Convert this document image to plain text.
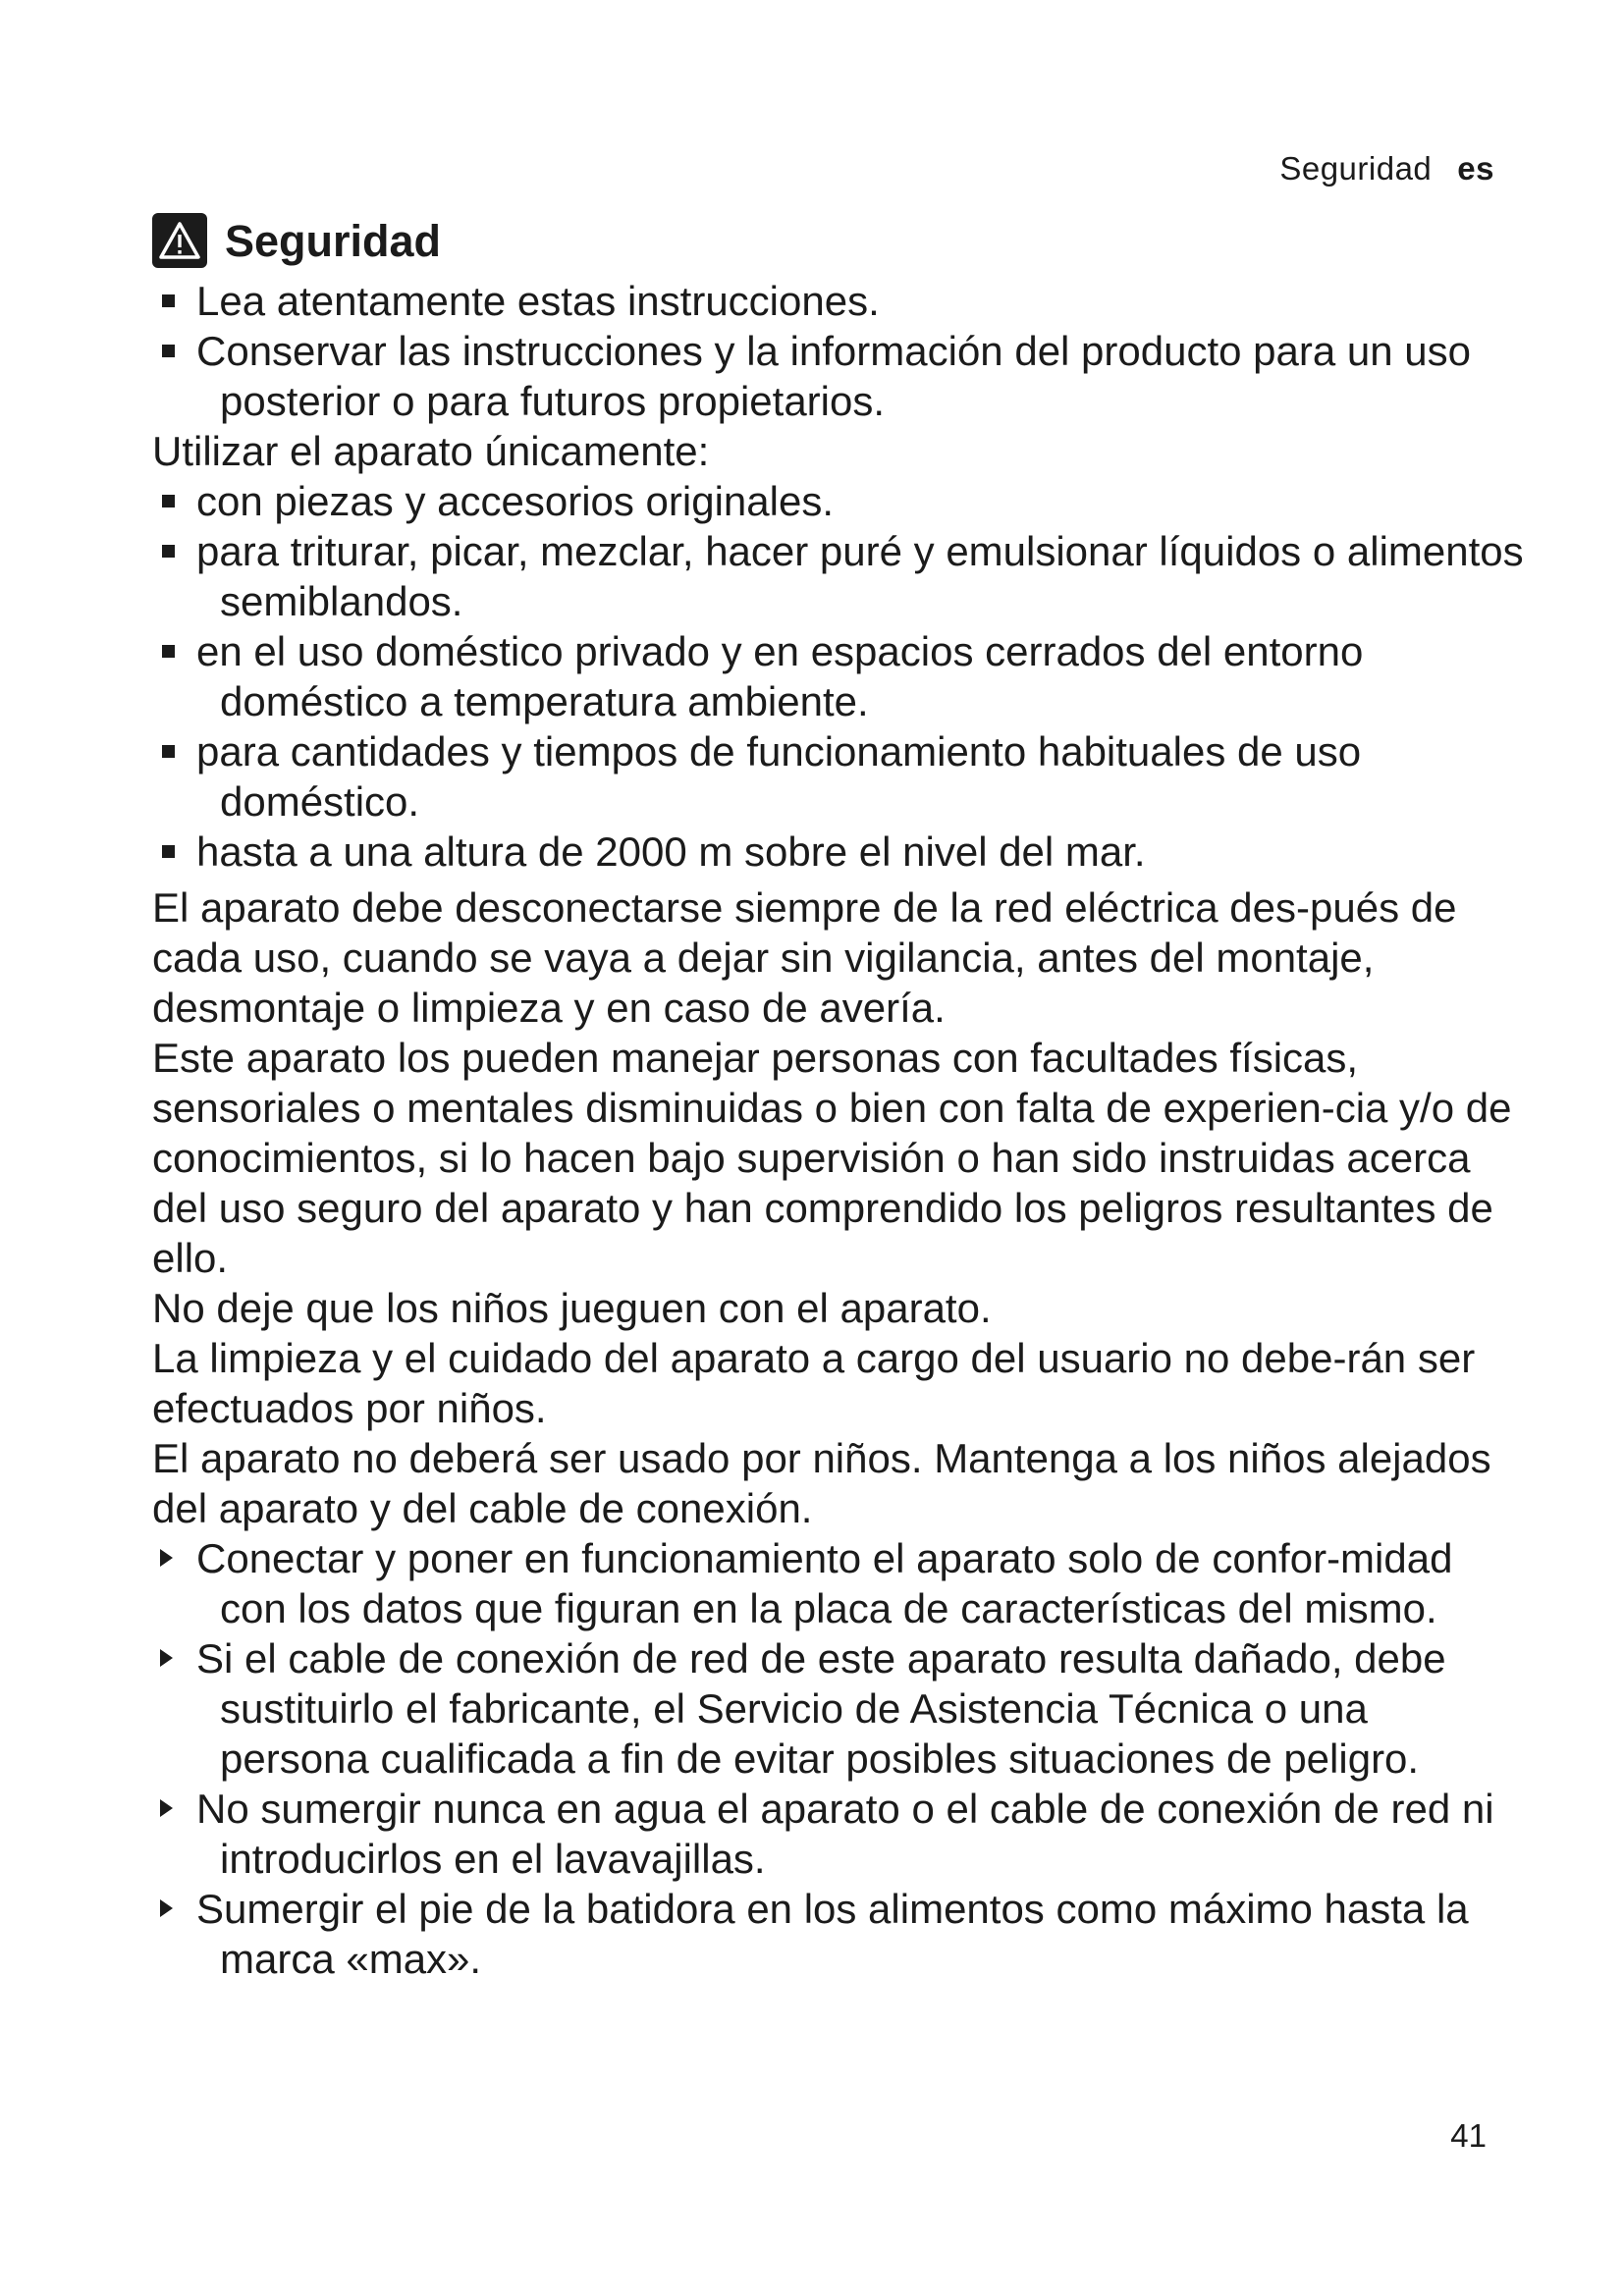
Seguridad es
Seguridad
Lea atentamente estas instrucciones.
Conservar las instrucciones y la información del producto para un uso posterior o para futuros propietarios.

Utilizar el aparato únicamente:

con piezas y accesorios originales.
para triturar, picar, mezclar, hacer puré y emulsionar líquidos o alimentos semiblandos.
en el uso doméstico privado y en espacios cerrados del entorno doméstico a temperatura ambiente.
para cantidades y tiempos de funcionamiento habituales de uso doméstico.
hasta a una altura de 2000 m sobre el nivel del mar.

El aparato debe desconectarse siempre de la red eléctrica des-pués de cada uso, cuando se vaya a dejar sin vigilancia, antes del montaje, desmontaje o limpieza y en caso de avería.

Este aparato los pueden manejar personas con facultades físicas, sensoriales o mentales disminuidas o bien con falta de experien-cia y/o de conocimientos, si lo hacen bajo supervisión o han sido instruidas acerca del uso seguro del aparato y han comprendido los peligros resultantes de ello.

No deje que los niños jueguen con el aparato.

La limpieza y el cuidado del aparato a cargo del usuario no debe-rán ser efectuados por niños.

El aparato no deberá ser usado por niños. Mantenga a los niños alejados del aparato y del cable de conexión.

Conectar y poner en funcionamiento el aparato solo de confor-midad con los datos que figuran en la placa de características del mismo.
Si el cable de conexión de red de este aparato resulta dañado, debe sustituirlo el fabricante, el Servicio de Asistencia Técnica o una persona cualificada a fin de evitar posibles situaciones de peligro.
No sumergir nunca en agua el aparato o el cable de conexión de red ni introducirlos en el lavavajillas.
Sumergir el pie de la batidora en los alimentos como máximo hasta la marca «max».
41
